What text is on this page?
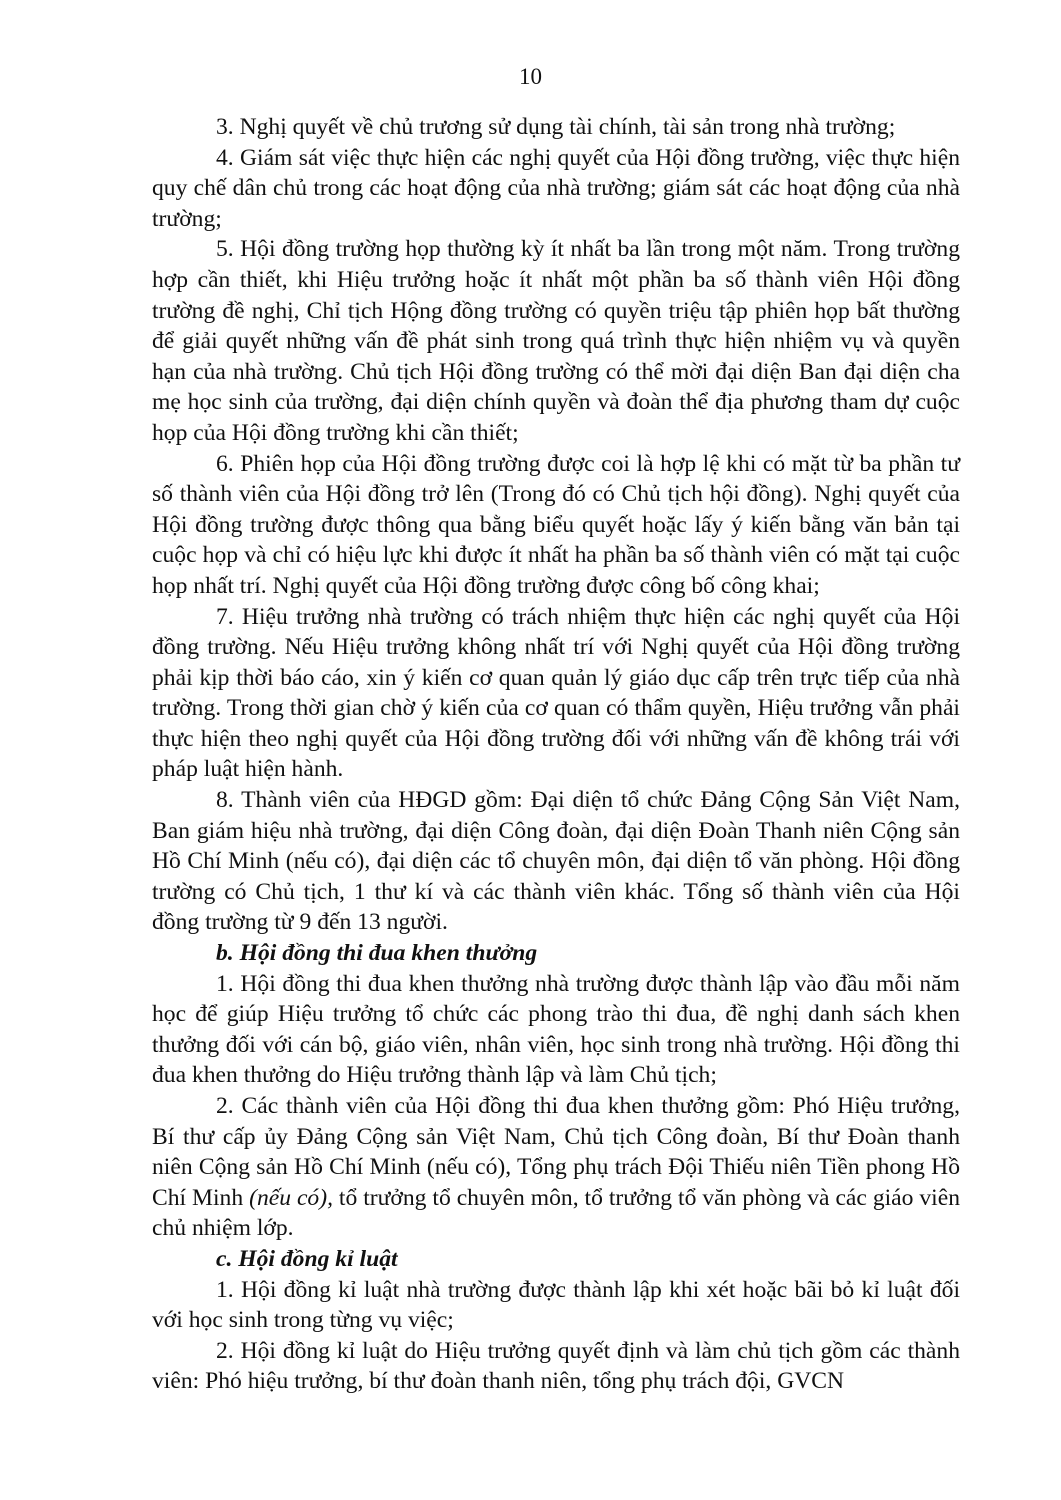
10

3. Nghị quyết về chủ trương sử dụng tài chính, tài sản trong nhà trường;

4. Giám sát việc thực hiện các nghị quyết của Hội đồng trường, việc thực hiện quy chế dân chủ trong các hoạt động của nhà trường; giám sát các hoạt động của nhà trường;

5. Hội đồng trường họp thường kỳ ít nhất ba lần trong một năm. Trong trường hợp cần thiết, khi Hiệu trưởng hoặc ít nhất một phần ba số thành viên Hội đồng trường đề nghị, Chỉ tịch Hộng đồng trường có quyền triệu tập phiên họp bất thường để giải quyết những vấn đề phát sinh trong quá trình thực hiện nhiệm vụ và quyền hạn của nhà trường. Chủ tịch Hội đồng trường có thể mời đại diện Ban đại diện cha mẹ học sinh của trường, đại diện chính quyền và đoàn thể địa phương tham dự cuộc họp của Hội đồng trường khi cần thiết;

6. Phiên họp của Hội đồng trường được coi là hợp lệ khi có mặt từ ba phần tư số thành viên của Hội đồng trở lên (Trong đó có Chủ tịch hội đồng). Nghị quyết của Hội đồng trường được thông qua bằng biểu quyết hoặc lấy ý kiến bằng văn bản tại cuộc họp và chỉ có hiệu lực khi được ít nhất ha phần ba số thành viên có mặt tại cuộc họp nhất trí. Nghị quyết của Hội đồng trường được công bố công khai;

7. Hiệu trưởng nhà trường có trách nhiệm thực hiện các nghị quyết của Hội đồng trường. Nếu Hiệu trưởng không nhất trí với Nghị quyết của Hội đồng trường phải kịp thời báo cáo, xin ý kiến cơ quan quản lý giáo dục cấp trên trực tiếp của nhà trường. Trong thời gian chờ ý kiến của cơ quan có thẩm quyền, Hiệu trưởng vẫn phải thực hiện theo nghị quyết của Hội đồng trường đối với những vấn đề không trái với pháp luật hiện hành.

8. Thành viên của HĐGD gồm: Đại diện tổ chức Đảng Cộng Sản Việt Nam, Ban giám hiệu nhà trường, đại diện Công đoàn, đại diện Đoàn Thanh niên Cộng sản Hồ Chí Minh (nếu có), đại diện các tổ chuyên môn, đại diện tổ văn phòng. Hội đồng trường có Chủ tịch, 1 thư kí và các thành viên khác. Tổng số thành viên của Hội đồng trường từ 9 đến 13 người.

b. Hội đồng thi đua khen thưởng

1. Hội đồng thi đua khen thưởng nhà trường được thành lập vào đầu mỗi năm học để giúp Hiệu trưởng tổ chức các phong trào thi đua, đề nghị danh sách khen thưởng đối với cán bộ, giáo viên, nhân viên, học sinh trong nhà trường. Hội đồng thi đua khen thưởng do Hiệu trưởng thành lập và làm Chủ tịch;

2. Các thành viên của Hội đồng thi đua khen thưởng gồm: Phó Hiệu trưởng, Bí thư cấp ủy Đảng Cộng sản Việt Nam, Chủ tịch Công đoàn, Bí thư Đoàn thanh niên Cộng sản Hồ Chí Minh (nếu có), Tổng phụ trách Đội Thiếu niên Tiền phong Hồ Chí Minh (nếu có), tổ trưởng tổ chuyên môn, tổ trưởng tổ văn phòng và các giáo viên chủ nhiệm lớp.

c. Hội đồng kỉ luật

1. Hội đồng kỉ luật nhà trường được thành lập khi xét hoặc bãi bỏ kỉ luật đối với học sinh trong từng vụ việc;

2. Hội đồng kỉ luật do Hiệu trưởng quyết định và làm chủ tịch gồm các thành viên: Phó hiệu trưởng, bí thư đoàn thanh niên, tổng phụ trách đội, GVCN
